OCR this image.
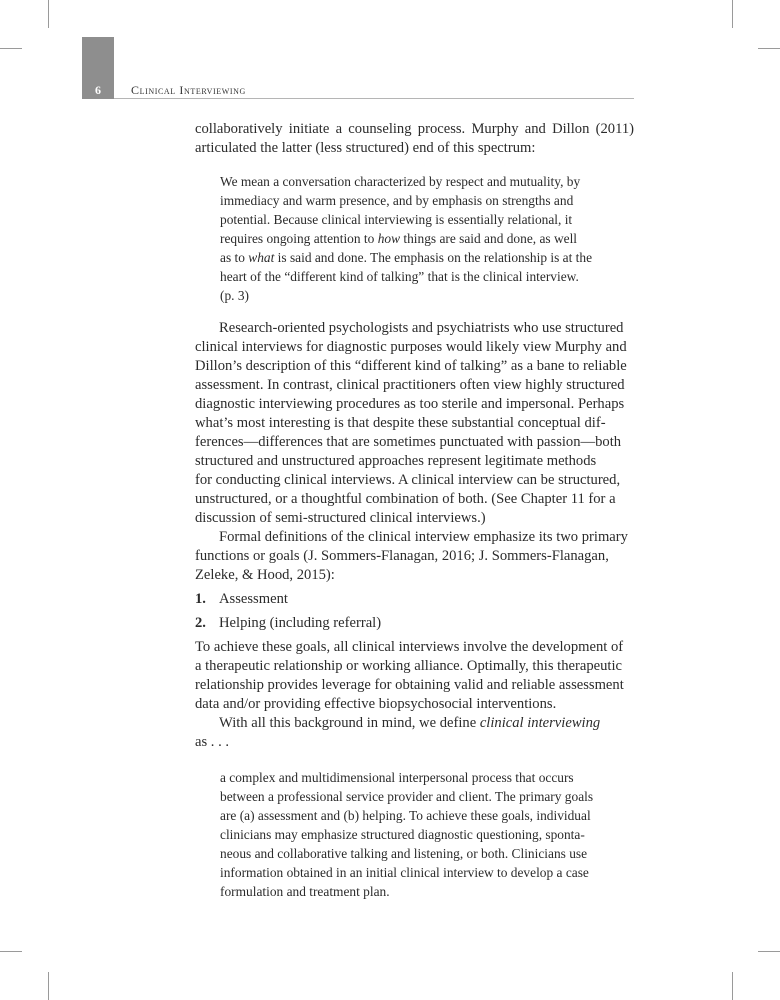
6	Clinical Interviewing
collaboratively initiate a counseling process. Murphy and Dillon (2011)
articulated the latter (less structured) end of this spectrum:
We mean a conversation characterized by respect and mutuality, by
immediacy and warm presence, and by emphasis on strengths and
potential. Because clinical interviewing is essentially relational, it
requires ongoing attention to how things are said and done, as well
as to what is said and done. The emphasis on the relationship is at the
heart of the “different kind of talking” that is the clinical interview.
(p. 3)
Research-oriented psychologists and psychiatrists who use structured
clinical interviews for diagnostic purposes would likely view Murphy and
Dillon’s description of this “different kind of talking” as a bane to reliable
assessment. In contrast, clinical practitioners often view highly structured
diagnostic interviewing procedures as too sterile and impersonal. Perhaps
what’s most interesting is that despite these substantial conceptual dif-
ferences—differences that are sometimes punctuated with passion—both
structured and unstructured approaches represent legitimate methods
for conducting clinical interviews. A clinical interview can be structured,
unstructured, or a thoughtful combination of both. (See Chapter 11 for a
discussion of semi-structured clinical interviews.)
Formal definitions of the clinical interview emphasize its two primary
functions or goals (J. Sommers-Flanagan, 2016; J. Sommers-Flanagan,
Zeleke, & Hood, 2015):
1. Assessment
2. Helping (including referral)
To achieve these goals, all clinical interviews involve the development of
a therapeutic relationship or working alliance. Optimally, this therapeutic
relationship provides leverage for obtaining valid and reliable assessment
data and/or providing effective biopsychosocial interventions.
With all this background in mind, we define clinical interviewing
as . . .
a complex and multidimensional interpersonal process that occurs
between a professional service provider and client. The primary goals
are (a) assessment and (b) helping. To achieve these goals, individual
clinicians may emphasize structured diagnostic questioning, sponta-
neous and collaborative talking and listening, or both. Clinicians use
information obtained in an initial clinical interview to develop a case
formulation and treatment plan.
